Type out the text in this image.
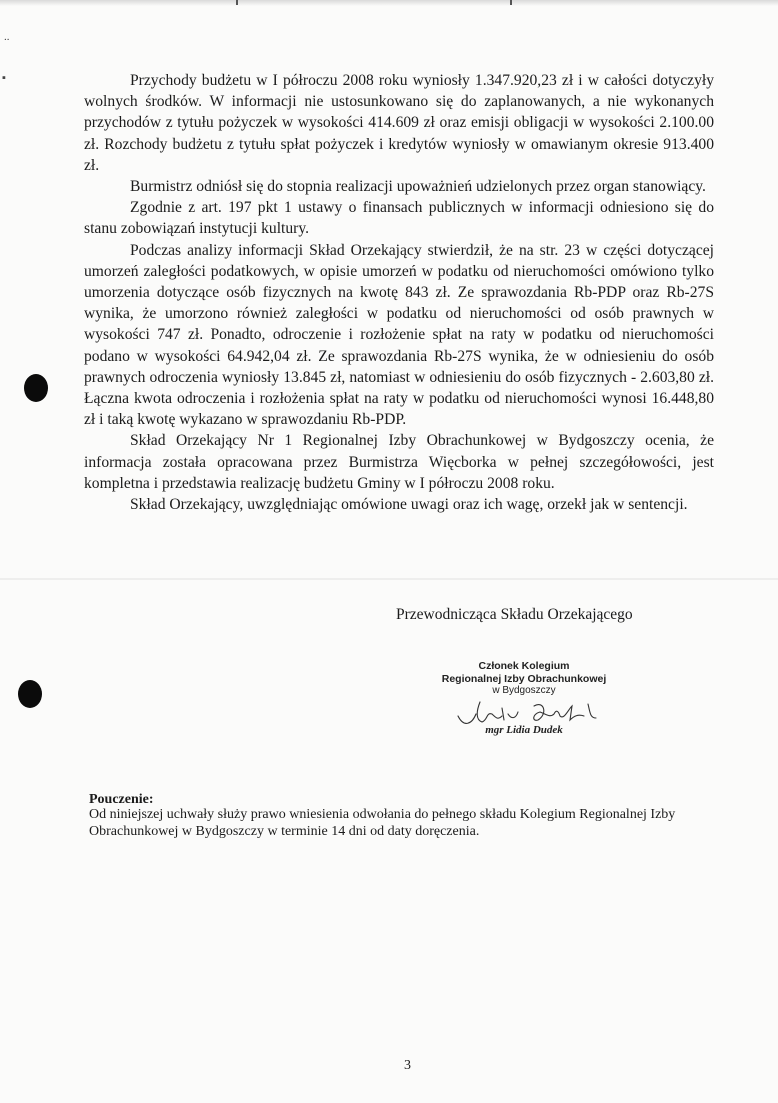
∙∙
▪	Przychody budżetu w I półroczu 2008 roku wyniosły 1.347.920,23 zł i w całości dotyczyły wolnych środków. W informacji nie ustosunkowano się do zaplanowanych, a nie wykonanych przychodów z tytułu pożyczek w wysokości 414.609 zł oraz emisji obligacji w wysokości 2.100.00 zł. Rozchody budżetu z tytułu spłat pożyczek i kredytów wyniosły w omawianym okresie 913.400 zł.

Burmistrz odniósł się do stopnia realizacji upoważnień udzielonych przez organ stanowiący.

Zgodnie z art. 197 pkt 1 ustawy o finansach publicznych w informacji odniesiono się do stanu zobowiązań instytucji kultury.

Podczas analizy informacji Skład Orzekający stwierdził, że na str. 23 w części dotyczącej umorzeń zaległości podatkowych, w opisie umorzeń w podatku od nieruchomości omówiono tylko umorzenia dotyczące osób fizycznych na kwotę 843 zł. Ze sprawozdania Rb-PDP oraz Rb-27S wynika, że umorzono również zaległości w podatku od nieruchomości od osób prawnych w wysokości 747 zł. Ponadto, odroczenie i rozłożenie spłat na raty w podatku od nieruchomości podano w wysokości 64.942,04 zł. Ze sprawozdania Rb-27S wynika, że w odniesieniu do osób prawnych odroczenia wyniosły 13.845 zł, natomiast w odniesieniu do osób fizycznych - 2.603,80 zł. Łączna kwota odroczenia i rozłożenia spłat na raty w podatku od nieruchomości wynosi 16.448,80 zł i taką kwotę wykazano w sprawozdaniu Rb-PDP.

Skład Orzekający Nr 1 Regionalnej Izby Obrachunkowej w Bydgoszczy ocenia, że informacja została opracowana przez Burmistrza Więcborka w pełnej szczegółowości, jest kompletna i przedstawia realizację budżetu Gminy w I półroczu 2008 roku.

Skład Orzekający, uwzględniając omówione uwagi oraz ich wagę, orzekł jak w sentencji.

Przewodnicząca Składu Orzekającego
Członek Kolegium
Regionalnej Izby Obrachunkowej
w Bydgoszczy
mgr Lidia Dudek
Pouczenie:
Od niniejszej uchwały służy prawo wniesienia odwołania do pełnego składu Kolegium Regionalnej Izby Obrachunkowej w Bydgoszczy w terminie 14 dni od daty doręczenia.
3
